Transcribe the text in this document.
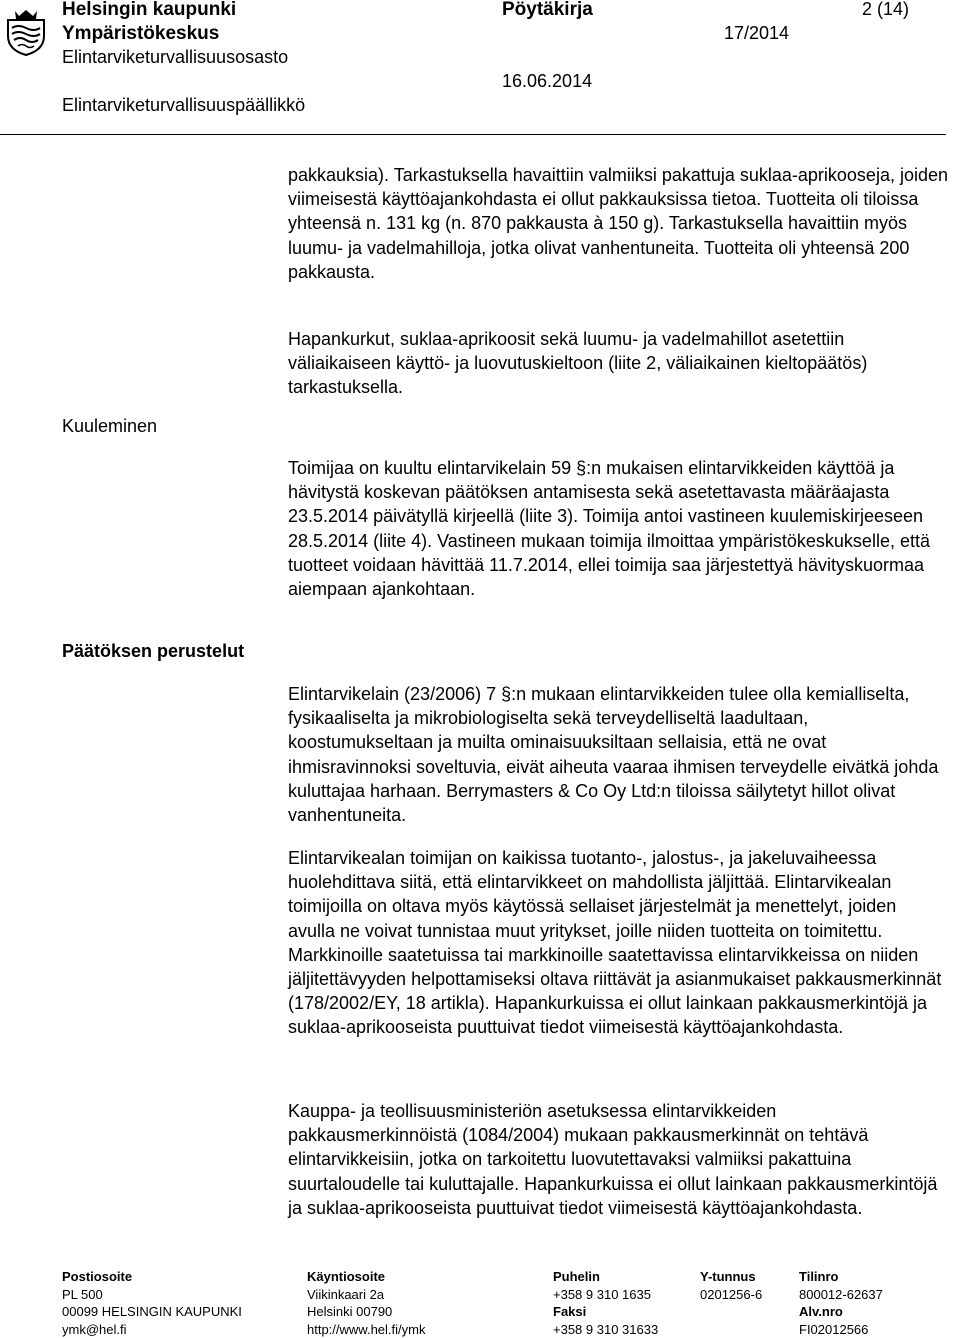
Helsingin kaupunki
Ympäristökeskus
Elintarviketurvallisuusosasto
Elintarviketurvallisuuspäällikkö
Pöytäkirja
17/2014
16.06.2014
2 (14)
Kuuleminen
Päätöksen perustelut

pakkauksia). Tarkastuksella havaittiin valmiiksi pakattuja suklaa-aprikooseja, joiden viimeisestä käyttöajankohdasta ei ollut pakkauksissa tietoa. Tuotteita oli tiloissa yhteensä n. 131 kg (n. 870 pakkausta à 150 g). Tarkastuksella havaittiin myös luumu- ja vadelmahilloja, jotka olivat vanhentuneita. Tuotteita oli yhteensä 200 pakkausta.

Hapankurkut, suklaa-aprikoosit sekä luumu- ja vadelmahillot asetettiin väliaikaiseen käyttö- ja luovutuskieltoon (liite 2, väliaikainen kieltopäätös) tarkastuksella.

Toimijaa on kuultu elintarvikelain 59 §:n mukaisen elintarvikkeiden käyttöä ja hävitystä koskevan päätöksen antamisesta sekä asetettavasta määräajasta 23.5.2014 päivätyllä kirjeellä (liite 3). Toimija antoi vastineen kuulemiskirjeeseen 28.5.2014 (liite 4). Vastineen mukaan toimija ilmoittaa ympäristökeskukselle, että tuotteet voidaan hävittää 11.7.2014, ellei toimija saa järjestettyä hävityskuormaa aiempaan ajankohtaan.

Elintarvikelain (23/2006) 7 §:n mukaan elintarvikkeiden tulee olla kemialliselta, fysikaaliselta ja mikrobiologiselta sekä terveydelliseltä laadultaan, koostumukseltaan ja muilta ominaisuuksiltaan sellaisia, että ne ovat ihmisravinnoksi soveltuvia, eivät aiheuta vaaraa ihmisen terveydelle eivätkä johda kuluttajaa harhaan. Berrymasters & Co Oy Ltd:n tiloissa säilytetyt hillot olivat vanhentuneita.

Elintarvikealan toimijan on kaikissa tuotanto-, jalostus-, ja jakeluvaiheessa huolehdittava siitä, että elintarvikkeet on mahdollista jäljittää. Elintarvikealan toimijoilla on oltava myös käytössä sellaiset järjestelmät ja menettelyt, joiden avulla ne voivat tunnistaa muut yritykset, joille niiden tuotteita on toimitettu. Markkinoille saatetuissa tai markkinoille saatettavissa elintarvikkeissa on niiden jäljitettävyyden helpottamiseksi oltava riittävät ja asianmukaiset pakkausmerkinnät (178/2002/EY, 18 artikla). Hapankurkuissa ei ollut lainkaan pakkausmerkintöjä ja suklaa-aprikooseista puuttuivat tiedot viimeisestä käyttöajankohdasta.

Kauppa- ja teollisuusministeriön asetuksessa elintarvikkeiden pakkausmerkinnöistä (1084/2004) mukaan pakkausmerkinnät on tehtävä elintarvikkeisiin, jotka on tarkoitettu luovutettavaksi valmiiksi pakattuina suurtaloudelle tai kuluttajalle. Hapankurkuissa ei ollut lainkaan pakkausmerkintöjä ja suklaa-aprikooseista puuttuivat tiedot viimeisestä käyttöajankohdasta.

Postiosoite
PL 500
00099 HELSINGIN KAUPUNKI
ymk@hel.fi
Käyntiosoite
Viikinkaari 2a
Helsinki 00790
http://www.hel.fi/ymk
Puhelin
+358 9 310 1635
Faksi
+358 9 310 31633
Y-tunnus
0201256-6
Tilinro
800012-62637
Alv.nro
FI02012566
